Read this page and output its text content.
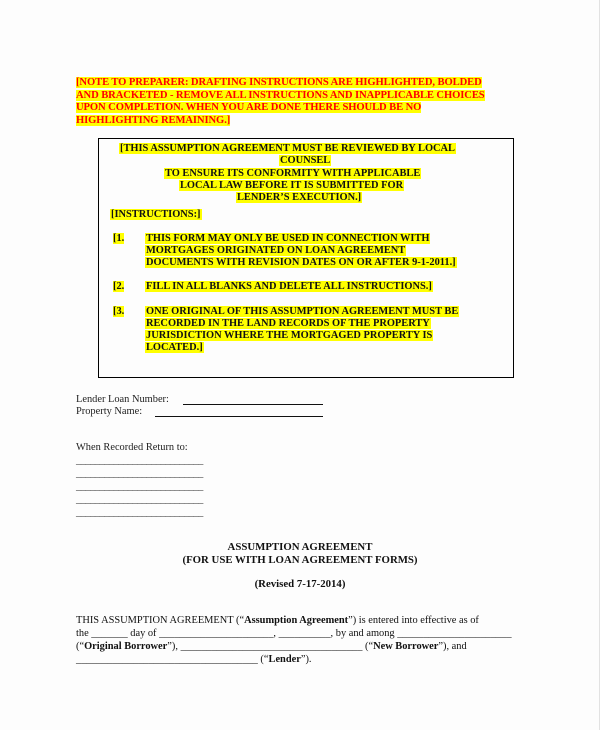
[NOTE TO PREPARER: DRAFTING INSTRUCTIONS ARE HIGHLIGHTED, BOLDED
AND BRACKETED - REMOVE ALL INSTRUCTIONS AND INAPPLICABLE CHOICES
UPON COMPLETION. WHEN YOU ARE DONE THERE SHOULD BE NO
HIGHLIGHTING REMAINING.]
[THIS ASSUMPTION AGREEMENT MUST BE REVIEWED BY LOCAL
COUNSEL
TO ENSURE ITS CONFORMITY WITH APPLICABLE
LOCAL LAW BEFORE IT IS SUBMITTED FOR
LENDER’S EXECUTION.]
[INSTRUCTIONS:]
[1. THIS FORM MAY ONLY BE USED IN CONNECTION WITH
MORTGAGES ORIGINATED ON LOAN AGREEMENT
DOCUMENTS WITH REVISION DATES ON OR AFTER 9-1-2011.]
[2. FILL IN ALL BLANKS AND DELETE ALL INSTRUCTIONS.]
[3. ONE ORIGINAL OF THIS ASSUMPTION AGREEMENT MUST BE
RECORDED IN THE LAND RECORDS OF THE PROPERTY
JURISDICTION WHERE THE MORTGAGED PROPERTY IS
LOCATED.]
Lender Loan Number:
Property Name:
When Recorded Return to:
___________________________
___________________________
___________________________
___________________________
___________________________
ASSUMPTION AGREEMENT
(FOR USE WITH LOAN AGREEMENT FORMS)
(Revised 7-17-2014)
THIS ASSUMPTION AGREEMENT (“Assumption Agreement”) is entered into effective as of
the _______ day of ______________________, __________, by and among ______________________
(“Original Borrower”), ___________________________________ (“New Borrower”), and
___________________________________ (“Lender”).
